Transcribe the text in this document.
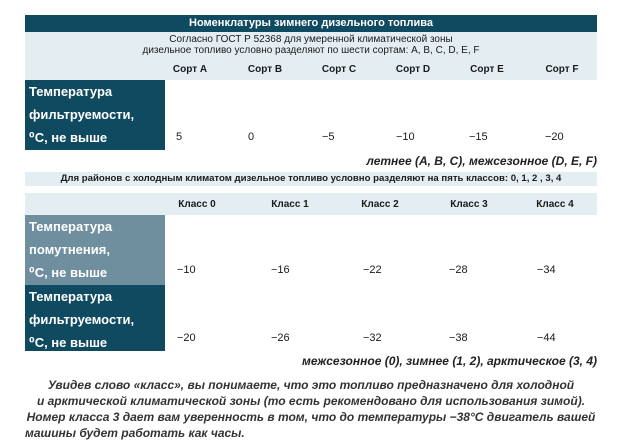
Номенклатуры зимнего дизельного топлива
Согласно ГОСТ Р 52368 для умеренной климатической зоны
дизельное топливо условно разделяют по шести сортам: А, В, С, D, E, F
Сорт А	Сорт В	Сорт С	Сорт D	Сорт E	Сорт F
Температура
фильтруемости,
⁰С, не выше	5	0	−5	−10	−15	−20
летнее (А, В, С), межсезонное (D, E, F)
Для районов с холодным климатом дизельное топливо условно разделяют на пять классов: 0, 1, 2 , 3, 4
Класс 0	Класс 1	Класс 2	Класс 3	Класс 4
Температура
помутнения,
⁰С, не выше	−10	−16	−22	−28	−34
Температура
фильтруемости,
⁰С, не выше	−20	−26	−32	−38	−44
межсезонное (0), зимнее (1, 2), арктическое (3, 4)
Увидев слово «класс», вы понимаете, что это топливо предназначено для холодной
и арктической климатической зоны (то есть рекомендовано для использования зимой).
Номер класса 3 дает вам уверенность в том, что до температуры −38°С двигатель вашей
машины будет работать как часы.
